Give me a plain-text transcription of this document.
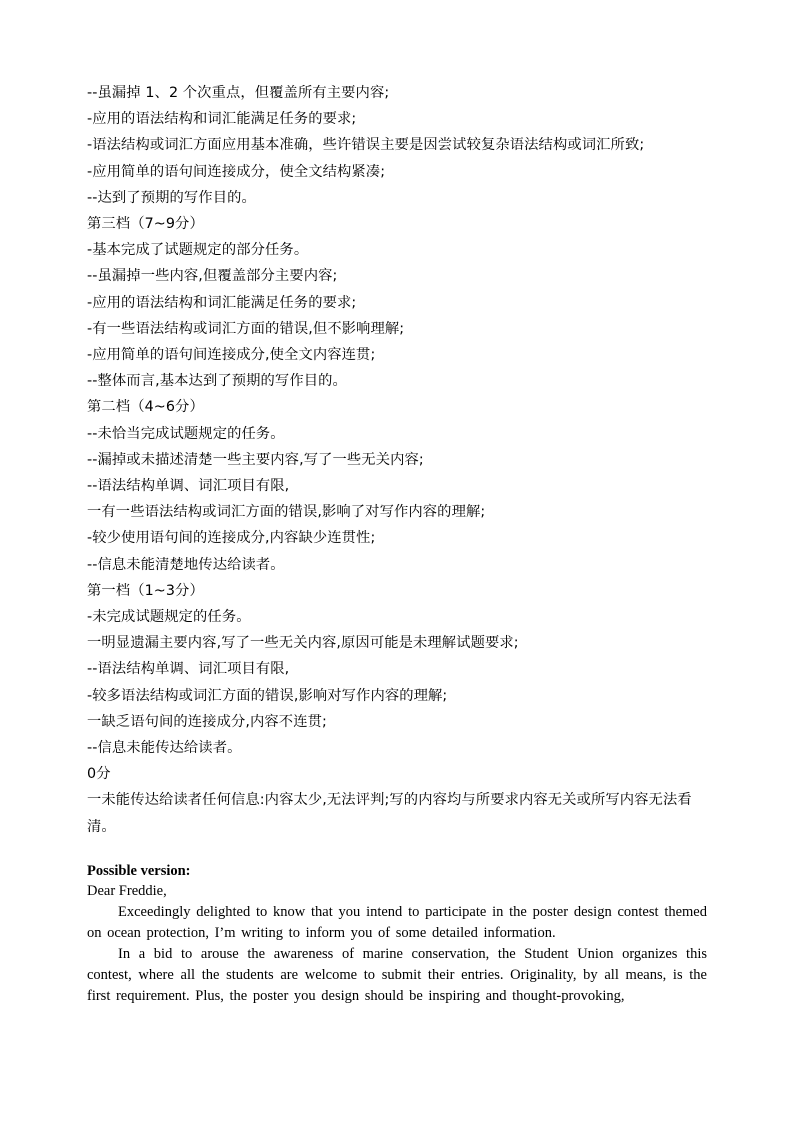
--虽漏掉 1、2 个次重点，但覆盖所有主要内容;
-应用的语法结构和词汇能满足任务的要求;
-语法结构或词汇方面应用基本准确，些许错误主要是因尝试较复杂语法结构或词汇所致;
-应用简单的语句间连接成分，使全文结构紧凑;
--达到了预期的写作目的。
第三档（7~9分）
-基本完成了试题规定的部分任务。
--虽漏掉一些内容,但覆盖部分主要内容;
-应用的语法结构和词汇能满足任务的要求;
-有一些语法结构或词汇方面的错误,但不影响理解;
-应用简单的语句间连接成分,使全文内容连贯;
--整体而言,基本达到了预期的写作目的。
第二档（4~6分）
--未恰当完成试题规定的任务。
--漏掉或未描述清楚一些主要内容,写了一些无关内容;
--语法结构单调、词汇项目有限,
一有一些语法结构或词汇方面的错误,影响了对写作内容的理解;
-较少使用语句间的连接成分,内容缺少连贯性;
--信息未能清楚地传达给读者。
第一档（1~3分）
-未完成试题规定的任务。
一明显遗漏主要内容,写了一些无关内容,原因可能是未理解试题要求;
--语法结构单调、词汇项目有限,
-较多语法结构或词汇方面的错误,影响对写作内容的理解;
一缺乏语句间的连接成分,内容不连贯;
--信息未能传达给读者。
0分
一未能传达给读者任何信息:内容太少,无法评判;写的内容均与所要求内容无关或所写内容无法看清。
Possible version:
Dear Freddie,
Exceedingly delighted to know that you intend to participate in the poster design contest themed on ocean protection, I’m writing to inform you of some detailed information.
In a bid to arouse the awareness of marine conservation, the Student Union organizes this contest, where all the students are welcome to submit their entries. Originality, by all means, is the first requirement. Plus, the poster you design should be inspiring and thought-provoking,
